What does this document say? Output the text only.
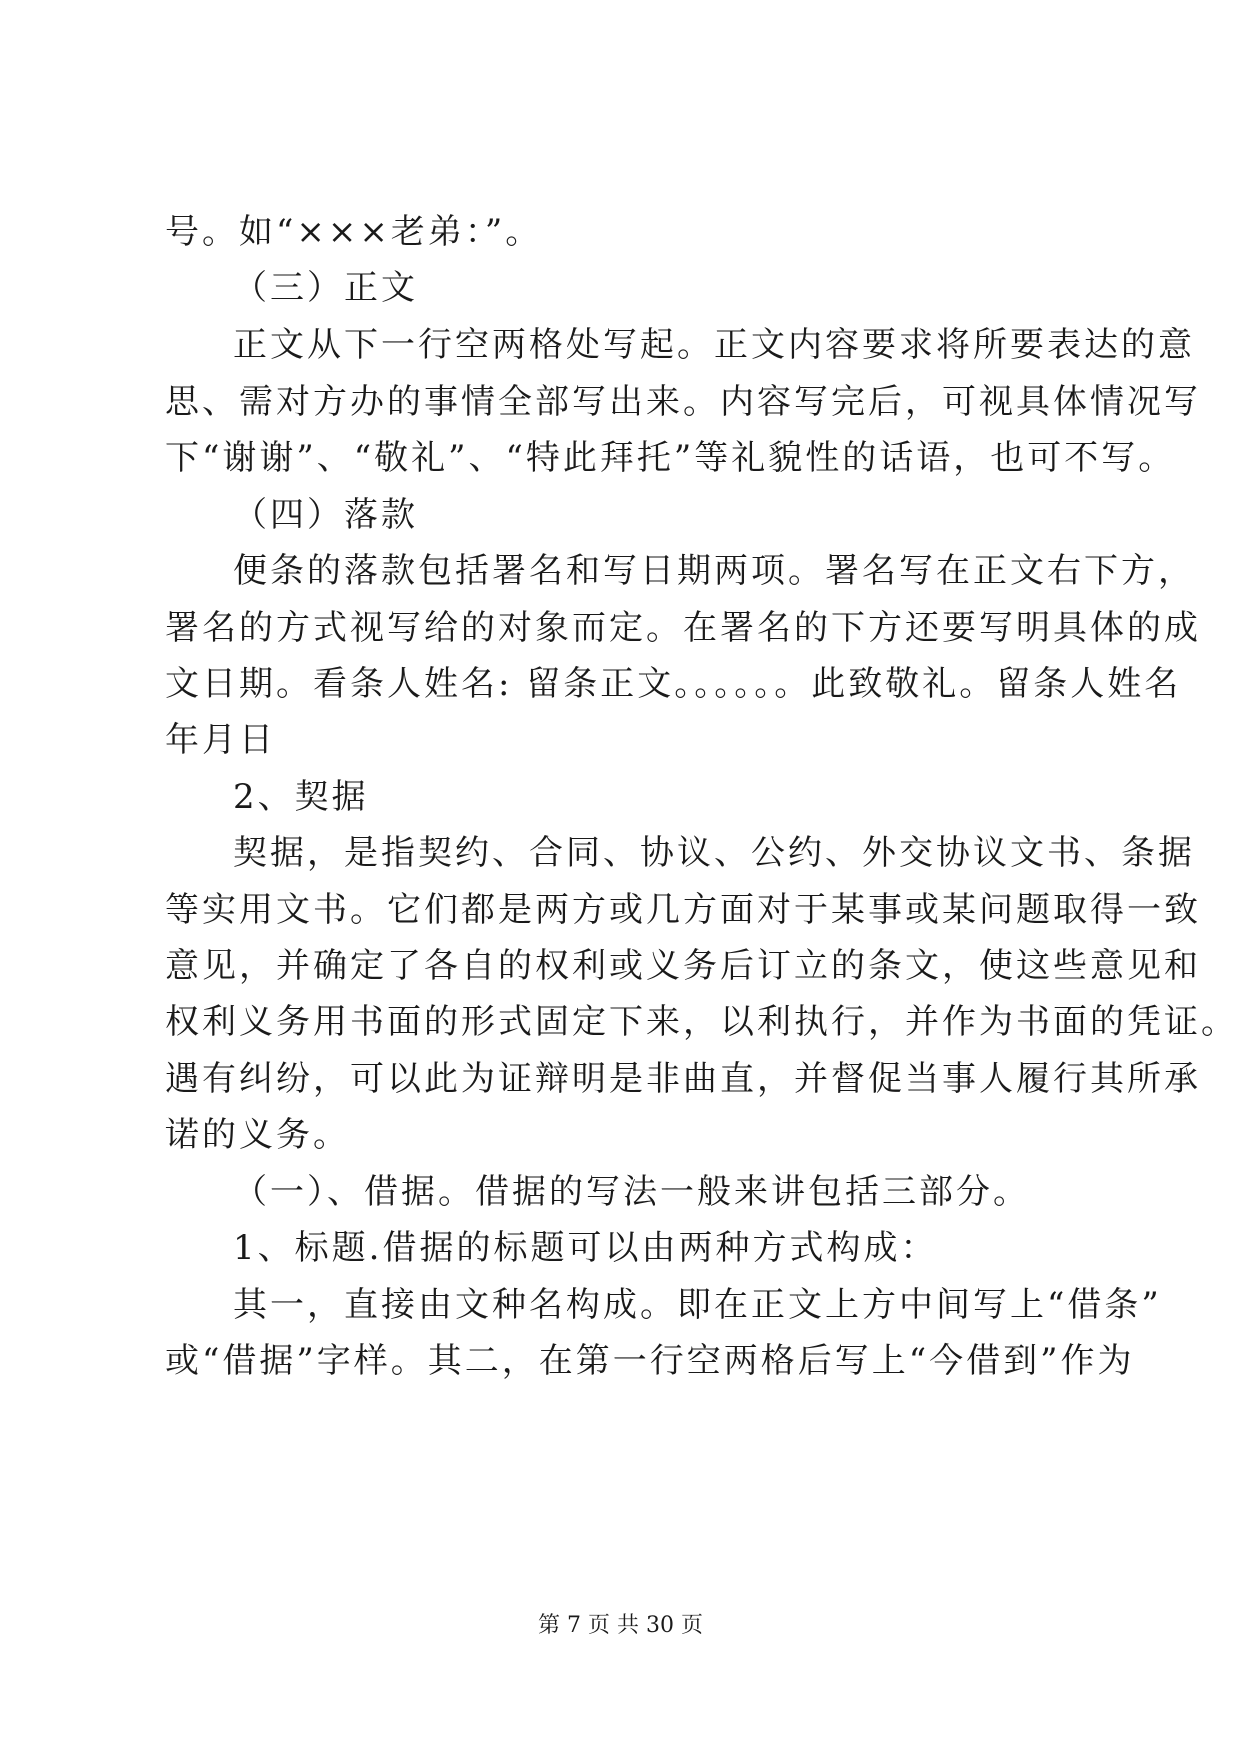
号。如“×××老弟：”。
（三）正文
正文从下一行空两格处写起。正文内容要求将所要表达的意
思、需对方办的事情全部写出来。内容写完后，可视具体情况写
下“谢谢”、“敬礼”、“特此拜托”等礼貌性的话语，也可不写。
（四）落款
便条的落款包括署名和写日期两项。署名写在正文右下方，
署名的方式视写给的对象而定。在署名的下方还要写明具体的成
文日期。看条人姓名: 留条正文。。。。。。此致敬礼。留条人姓名
年月日
2、契据
契据，是指契约、合同、协议、公约、外交协议文书、条据
等实用文书。它们都是两方或几方面对于某事或某问题取得一致
意见，并确定了各自的权利或义务后订立的条文，使这些意见和
权利义务用书面的形式固定下来，以利执行，并作为书面的凭证。
遇有纠纷，可以此为证辩明是非曲直，并督促当事人履行其所承
诺的义务。
（一）、借据。借据的写法一般来讲包括三部分。
1、标题.借据的标题可以由两种方式构成：
其一，直接由文种名构成。即在正文上方中间写上“借条”
或“借据”字样。其二，在第一行空两格后写上“今借到”作为
第 7 页 共 30 页
